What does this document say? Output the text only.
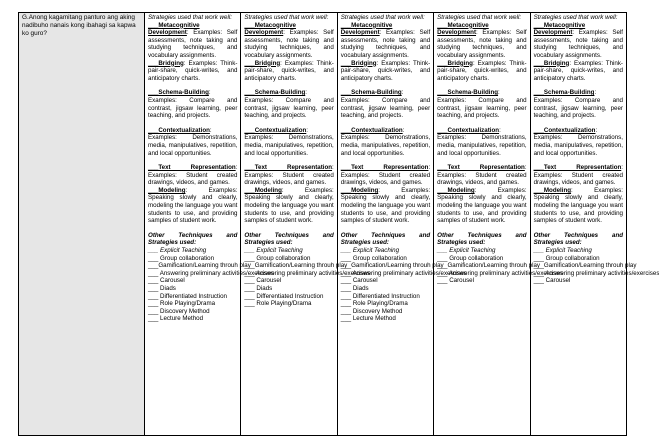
G.Anong kagamitang panturo ang aking nadibuho nanais kong ibahagi sa kapwa ko guro?

Strategies used that work well:
___Metacognitive Development: Examples: Self assessments, note taking and studying techniques, and vocabulary assignments.
___Bridging: Examples: Think-pair-share, quick-writes, and anticipatory charts.
___Schema-Building: Examples: Compare and contrast, jigsaw learning, peer teaching, and projects.
___Contextualization: Examples: Demonstrations, media, manipulatives, repetition, and local opportunities.
___Text Representation: Examples: Student created drawings, videos, and games.
___Modeling: Examples: Speaking slowly and clearly, modeling the language you want students to use, and providing samples of student work.
Other Techniques and Strategies used:
___ Explicit Teaching
___ Group collaboration
___Gamification/Learning throuh play
___ Answering preliminary activities/exercises
___ Carousel
___ Diads
___ Differentiated Instruction
___ Role Playing/Drama
___ Discovery Method
___ Lecture Method

Strategies used that work well:
___Metacognitive Development: Examples: Self assessments, note taking and studying techniques, and vocabulary assignments.
___Bridging: Examples: Think-pair-share, quick-writes, and anticipatory charts.
___Schema-Building: Examples: Compare and contrast, jigsaw learning, peer teaching, and projects.
___Contextualization: Examples: Demonstrations, media, manipulatives, repetition, and local opportunities.
___Text Representation: Examples: Student created drawings, videos, and games.
___Modeling: Examples: Speaking slowly and clearly, modeling the language you want students to use, and providing samples of student work.
Other Techniques and Strategies used:
___ Explicit Teaching
___ Group collaboration
___Gamification/Learning throuh play
___ Answering preliminary activities/exercises
___ Carousel
___ Diads
___ Differentiated Instruction
___ Role Playing/Drama

Strategies used that work well:
___Metacognitive Development: Examples: Self assessments, note taking and studying techniques, and vocabulary assignments.
___Bridging: Examples: Think-pair-share, quick-writes, and anticipatory charts.
___Schema-Building: Examples: Compare and contrast, jigsaw learning, peer teaching, and projects.
___Contextualization: Examples: Demonstrations, media, manipulatives, repetition, and local opportunities.
___Text Representation: Examples: Student created drawings, videos, and games.
___Modeling: Examples: Speaking slowly and clearly, modeling the language you want students to use, and providing samples of student work.
Other Techniques and Strategies used:
___ Explicit Teaching
___ Group collaboration
___Gamification/Learning throuh play
___ Answering preliminary activities/exercises
___ Carousel
___ Diads
___ Differentiated Instruction
___ Role Playing/Drama
___ Discovery Method
___ Lecture Method

Strategies used that work well:
___Metacognitive Development: Examples: Self assessments, note taking and studying techniques, and vocabulary assignments.
___Bridging: Examples: Think-pair-share, quick-writes, and anticipatory charts.
___Schema-Building: Examples: Compare and contrast, jigsaw learning, peer teaching, and projects.
___Contextualization: Examples: Demonstrations, media, manipulatives, repetition, and local opportunities.
___Text Representation: Examples: Student created drawings, videos, and games.
___Modeling: Examples: Speaking slowly and clearly, modeling the language you want students to use, and providing samples of student work.
Other Techniques and Strategies used:
___ Explicit Teaching
___ Group collaboration
___Gamification/Learning throuh play
___ Answering preliminary activities/exercises
___ Carousel

Strategies used that work well:
___Metacognitive Development: Examples: Self assessments, note taking and studying techniques, and vocabulary assignments.
___Bridging: Examples: Think-pair-share, quick-writes, and anticipatory charts.
___Schema-Building: Examples: Compare and contrast, jigsaw learning, peer teaching, and projects.
___Contextualization: Examples: Demonstrations, media, manipulatives, repetition, and local opportunities.
___Text Representation: Examples: Student created drawings, videos, and games.
___Modeling: Examples: Speaking slowly and clearly, modeling the language you want students to use, and providing samples of student work.
Other Techniques and Strategies used:
___ Explicit Teaching
___ Group collaboration
___Gamification/Learning throuh play
___ Answering preliminary activities/exercises
___ Carousel
